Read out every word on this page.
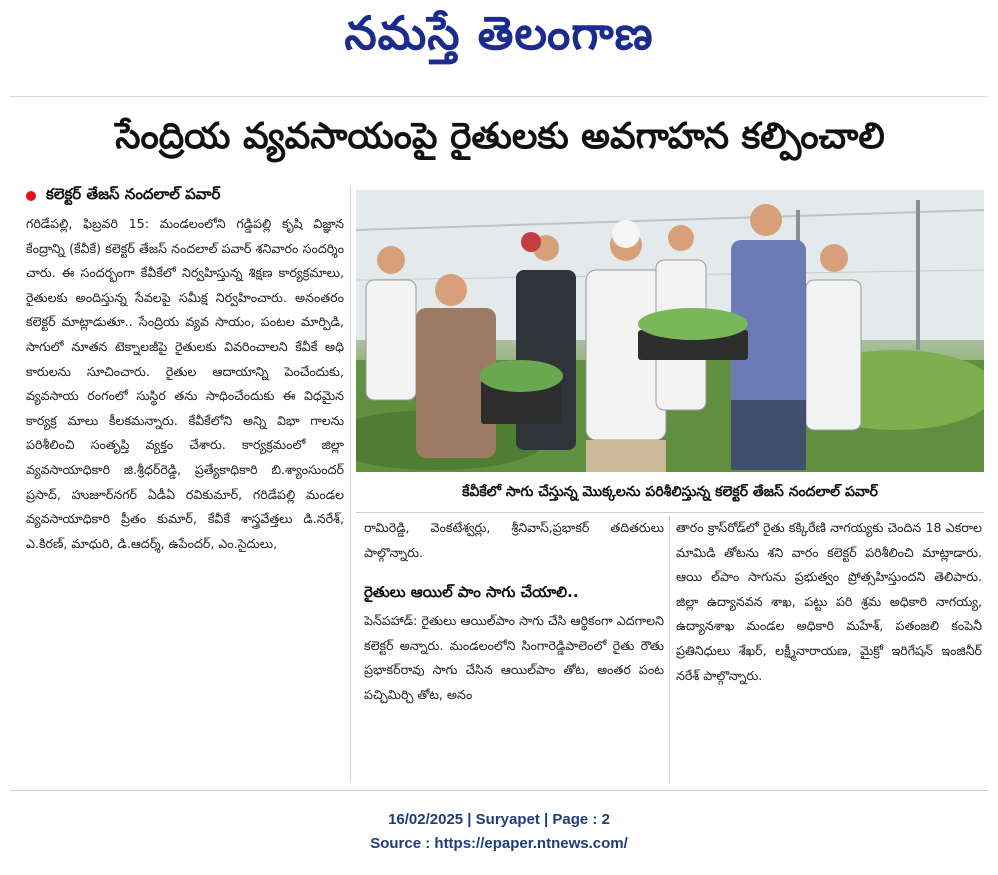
నమస్తే తెలంగాణ
సేంద్రియ వ్యవసాయంపై రైతులకు అవగాహన కల్పించాలి
కలెక్టర్ తేజస్ నందలాల్ పవార్

గరిడేపల్లి, ఫిబ్రవరి 15: మండలంలోని గడ్డిపల్లి కృషి విజ్ఞాన కేంద్రాన్ని (కేవీకే) కలెక్టర్ తేజస్ నందలాల్ పవార్ శనివారం సందర్శిం చారు. ఈ సందర్భంగా కేవీకేలో నిర్వహిస్తున్న శిక్షణ కార్యక్రమాలు, రైతులకు అందిస్తున్న సేవలపై సమీక్ష నిర్వహించారు. అనంతరం కలెక్టర్ మాట్లాడుతూ.. సేంద్రియ వ్యవ సాయం, పంటల మార్పిడి, సాగులో నూతన టెక్నాలజీపై రైతులకు వివరించాలని కేవీకే అధి కారులను సూచించారు. రైతుల ఆదాయాన్ని పెంచేందుకు, వ్యవసాయ రంగంలో సుస్థిర తను సాధించేందుకు ఈ విధమైన కార్యక్ర మాలు కీలకమన్నారు. కేవీకేలోని అన్ని విభా గాలను పరిశీలించి సంతృప్తి వ్యక్తం చేశారు. కార్యక్రమంలో జిల్లా వ్యవసాయాధికారి జి.శ్రీధర్‌రెడ్డి, ప్రత్యేకాధికారి బి.శ్యాంసుందర్ ప్రసాద్, హుజూర్‌నగర్ ఏడీఏ రవికుమార్, గరిడేపల్లి మండల వ్యవసాయాధికారి ప్రీతం కుమార్, కేవీకే శాస్త్రవేత్తలు డి.నరేశ్, ఎ.కిరణ్, మాధురి, డి.ఆదర్శ్, ఉపేందర్, ఎం.సైదులు,

కేవీకేలో సాగు చేస్తున్న మొక్కలను పరిశీలిస్తున్న కలెక్టర్ తేజస్ నందలాల్ పవార్

రామిరెడ్డి, వెంకటేశ్వర్లు, శ్రీనివాస్,ప్రభాకర్ తదితరులు పాల్గొన్నారు.

రైతులు ఆయిల్ పాం సాగు చేయాలి..

పెన్‌పహాడ్: రైతులు ఆయిల్‌పాం సాగు చేసి ఆర్థికంగా ఎదగాలని కలెక్టర్ అన్నారు. మండలంలోని సింగారెడ్డిపాలెంలో రైతు రౌతు ప్రభాకర్‌రావు సాగు చేసిన ఆయిల్‌పాం తోట, అంతర పంట పచ్చిమిర్చి తోట, అనం

తారం క్రాస్‌రోడ్‌లో రైతు కక్కిరేణి నాగయ్యకు చెందిన 18 ఎకరాల మామిడి తోటను శని వారం కలెక్టర్ పరిశీలించి మాట్లాడారు. ఆయి ల్‌పాం సాగును ప్రభుత్వం ప్రోత్సహిస్తుందని తెలిపారు. జిల్లా ఉద్యానవన శాఖ, పట్టు పరి శ్రమ అధికారి నాగయ్య, ఉద్యానశాఖ మండల అధికారి మహేశ్, పతంజలి కంపెనీ ప్రతినిధులు శేఖర్, లక్ష్మీనారాయణ, మైక్రో ఇరిగేషన్ ఇంజినీర్ నరేశ్ పాల్గొన్నారు.

16/02/2025 | Suryapet | Page : 2
Source : https://epaper.ntnews.com/
